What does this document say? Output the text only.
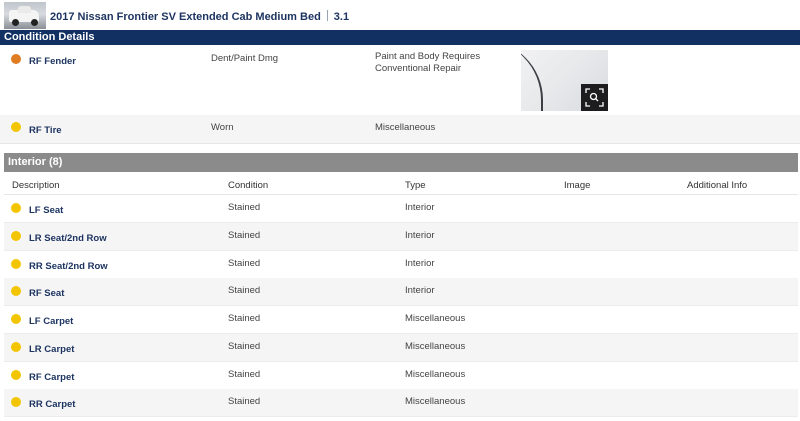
2017 Nissan Frontier SV Extended Cab Medium Bed 3.1
Condition Details
RF Fender	Dent/Paint Dmg	Paint and Body Requires Conventional Repair
RF Tire	Worn	Miscellaneous
Interior (8)
Description	Condition	Type	Image	Additional Info
LF Seat	Stained	Interior
LR Seat/2nd Row	Stained	Interior
RR Seat/2nd Row	Stained	Interior
RF Seat	Stained	Interior
LF Carpet	Stained	Miscellaneous
LR Carpet	Stained	Miscellaneous
RF Carpet	Stained	Miscellaneous
RR Carpet	Stained	Miscellaneous
